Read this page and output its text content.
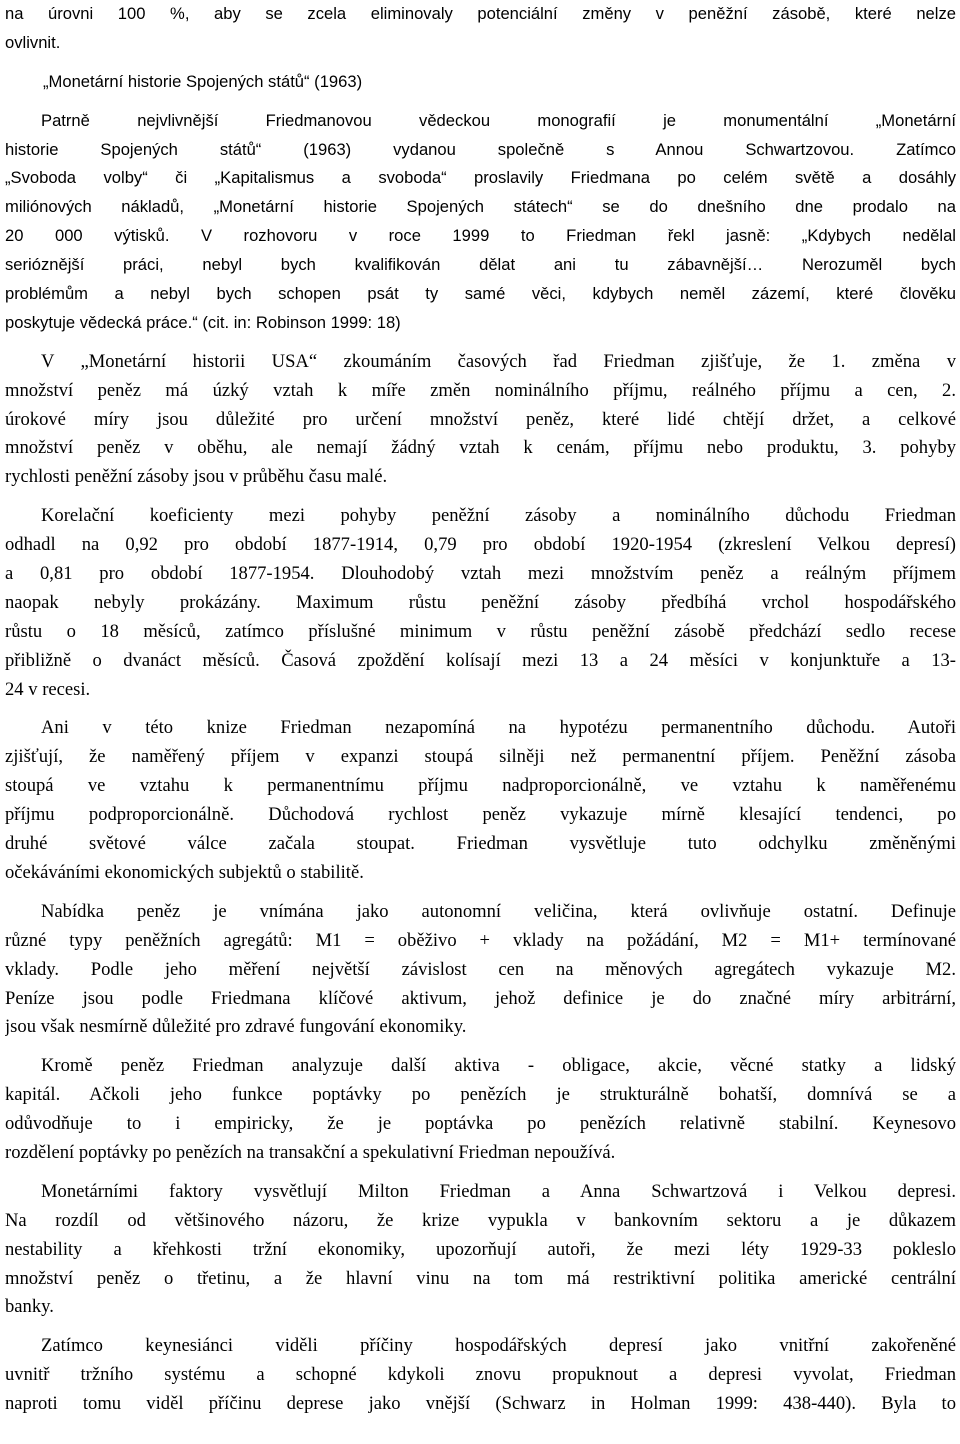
na úrovni 100 %, aby se zcela eliminovaly potenciální změny v peněžní zásobě, které nelze
ovlivnit.
„Monetární historie Spojených států“ (1963)
Patrně nejvlivnější Friedmanovou vědeckou monografií je monumentální „Monetární
historie Spojených států“ (1963) vydanou společně s Annou Schwartzovou. Zatímco
„Svoboda volby“ či „Kapitalismus a svoboda“ proslavily Friedmana po celém světě a dosáhly
miliónových nákladů, „Monetární historie Spojených státech“ se do dnešního dne prodalo na
20 000 výtisků. V rozhovoru v roce 1999 to Friedman řekl jasně: „Kdybych nedělal
serióznější práci, nebyl bych kvalifikován dělat ani tu zábavnější… Nerozuměl bych
problémům a nebyl bych schopen psát ty samé věci, kdybych neměl zázemí, které člověku
poskytuje vědecká práce.“ (cit. in: Robinson 1999: 18)
V „Monetární historii USA“ zkoumáním časových řad Friedman zjišťuje, že 1. změna v
množství peněz má úzký vztah k míře změn nominálního příjmu, reálného příjmu a cen, 2.
úrokové míry jsou důležité pro určení množství peněz, které lidé chtějí držet, a celkové
množství peněz v oběhu, ale nemají žádný vztah k cenám, příjmu nebo produktu, 3. pohyby
rychlosti peněžní zásoby jsou v průběhu času malé.
Korelační koeficienty mezi pohyby peněžní zásoby a nominálního důchodu Friedman
odhadl na 0,92 pro období 1877-1914, 0,79 pro období 1920-1954 (zkreslení Velkou depresí)
a 0,81 pro období 1877-1954. Dlouhodobý vztah mezi množstvím peněz a reálným příjmem
naopak nebyly prokázány. Maximum růstu peněžní zásoby předbíhá vrchol hospodářského
růstu o 18 měsíců, zatímco příslušné minimum v růstu peněžní zásobě předchází sedlo recese
přibližně o dvanáct měsíců. Časová zpoždění kolísají mezi 13 a 24 měsíci v konjunktuře a 13-
24 v recesi.
Ani v této knize Friedman nezapomíná na hypotézu permanentního důchodu. Autoři
zjišťují, že naměřený příjem v expanzi stoupá silněji než permanentní příjem. Peněžní zásoba
stoupá ve vztahu k permanentnímu příjmu nadproporcionálně, ve vztahu k naměřenému
příjmu podproporcionálně. Důchodová rychlost peněz vykazuje mírně klesající tendenci, po
druhé světové válce začala stoupat. Friedman vysvětluje tuto odchylku změněnými
očekáváními ekonomických subjektů o stabilitě.
Nabídka peněz je vnímána jako autonomní veličina, která ovlivňuje ostatní. Definuje
různé typy peněžních agregátů: M1 = oběživo + vklady na požádání, M2 = M1+ termínované
vklady. Podle jeho měření největší závislost cen na měnových agregátech vykazuje M2.
Peníze jsou podle Friedmana klíčové aktivum, jehož definice je do značné míry arbitrární,
jsou však nesmírně důležité pro zdravé fungování ekonomiky.
Kromě peněz Friedman analyzuje další aktiva - obligace, akcie, věcné statky a lidský
kapitál. Ačkoli jeho funkce poptávky po penězích je strukturálně bohatší, domnívá se a
odůvodňuje to i empiricky, že je poptávka po penězích relativně stabilní. Keynesovo
rozdělení poptávky po penězích na transakční a spekulativní Friedman nepoužívá.
Monetárními faktory vysvětlují Milton Friedman a Anna Schwartzová i Velkou depresi.
Na rozdíl od většinového názoru, že krize vypukla v bankovním sektoru a je důkazem
nestability a křehkosti tržní ekonomiky, upozorňují autoři, že mezi léty 1929-33 pokleslo
množství peněz o třetinu, a že hlavní vinu na tom má restriktivní politika americké centrální
banky.
Zatímco keynesiánci viděli příčiny hospodářských depresí jako vnitřní zakořeněné
uvnitř tržního systému a schopné kdykoli znovu propuknout a depresi vyvolat, Friedman
naproti tomu viděl příčinu deprese jako vnější (Schwarz in Holman 1999: 438-440). Byla to
